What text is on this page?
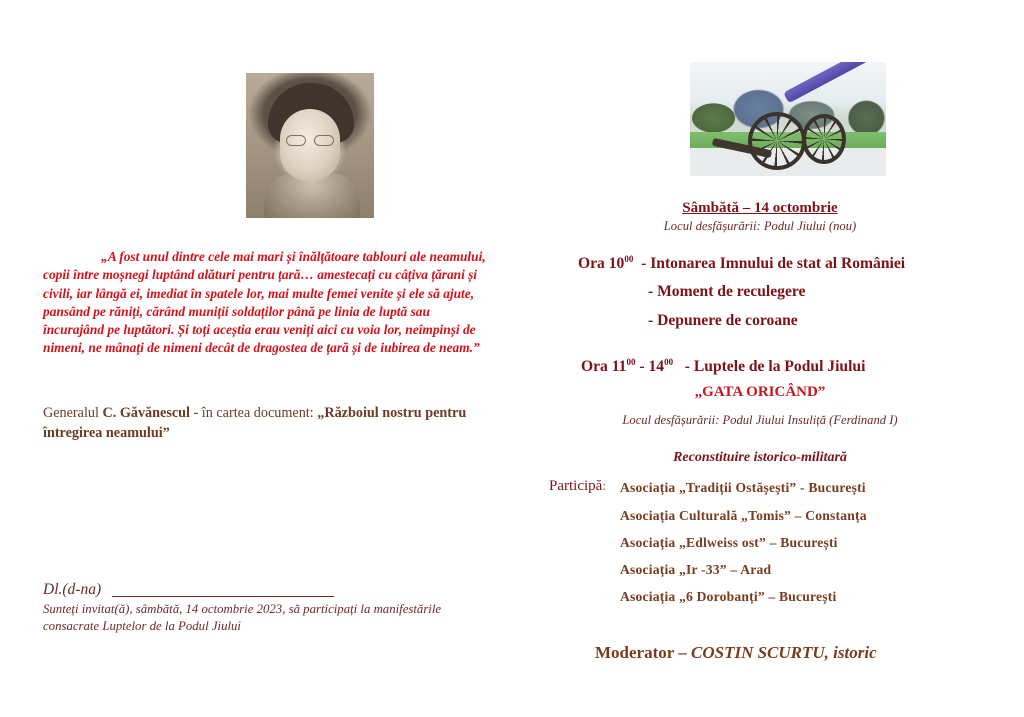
„A fost unul dintre cele mai mari și înălțătoare tablouri ale neamului, copii între moșnegi luptând alături pentru țară… amestecați cu câțiva țărani și civili, iar lângă ei, imediat în spatele lor, mai multe femei venite și ele să ajute, pansând pe răniți, cărând muniții soldaților până pe linia de luptă sau încurajând pe luptători. Și toți aceștia erau veniți aici cu voia lor, neîmpinși de nimeni, ne mânați de nimeni decât de dragostea de țară și de iubirea de neam.”
Generalul C. Găvănescul - în cartea document: „Războiul nostru pentru întregirea neamului”
Dl.(d-na)
Sunteți invitat(ă), sâmbătă, 14 octombrie 2023, să participați la manifestările consacrate Luptelor de la Podul Jiului
Sâmbătă – 14 octombrie
Locul desfășurării: Podul Jiului (nou)
Ora $10^{00}$ - Intonarea Imnului de stat al României
- Moment de reculegere
- Depunere de coroane
Ora $11^{00} - 14^{00}$ - Luptele de la Podul Jiului
„GATA ORICÂND”
Locul desfășurării: Podul Jiului Insuliță (Ferdinand I)
Reconstituire istorico-militară
Participă: Asociația „Tradiții Ostășești” - București
Asociația Culturală „Tomis” – Constanța
Asociația „Edlweiss ost” – București
Asociația „Ir -33” – Arad
Asociația „6 Dorobanți” – București
Moderator – COSTIN SCURTU, istoric
